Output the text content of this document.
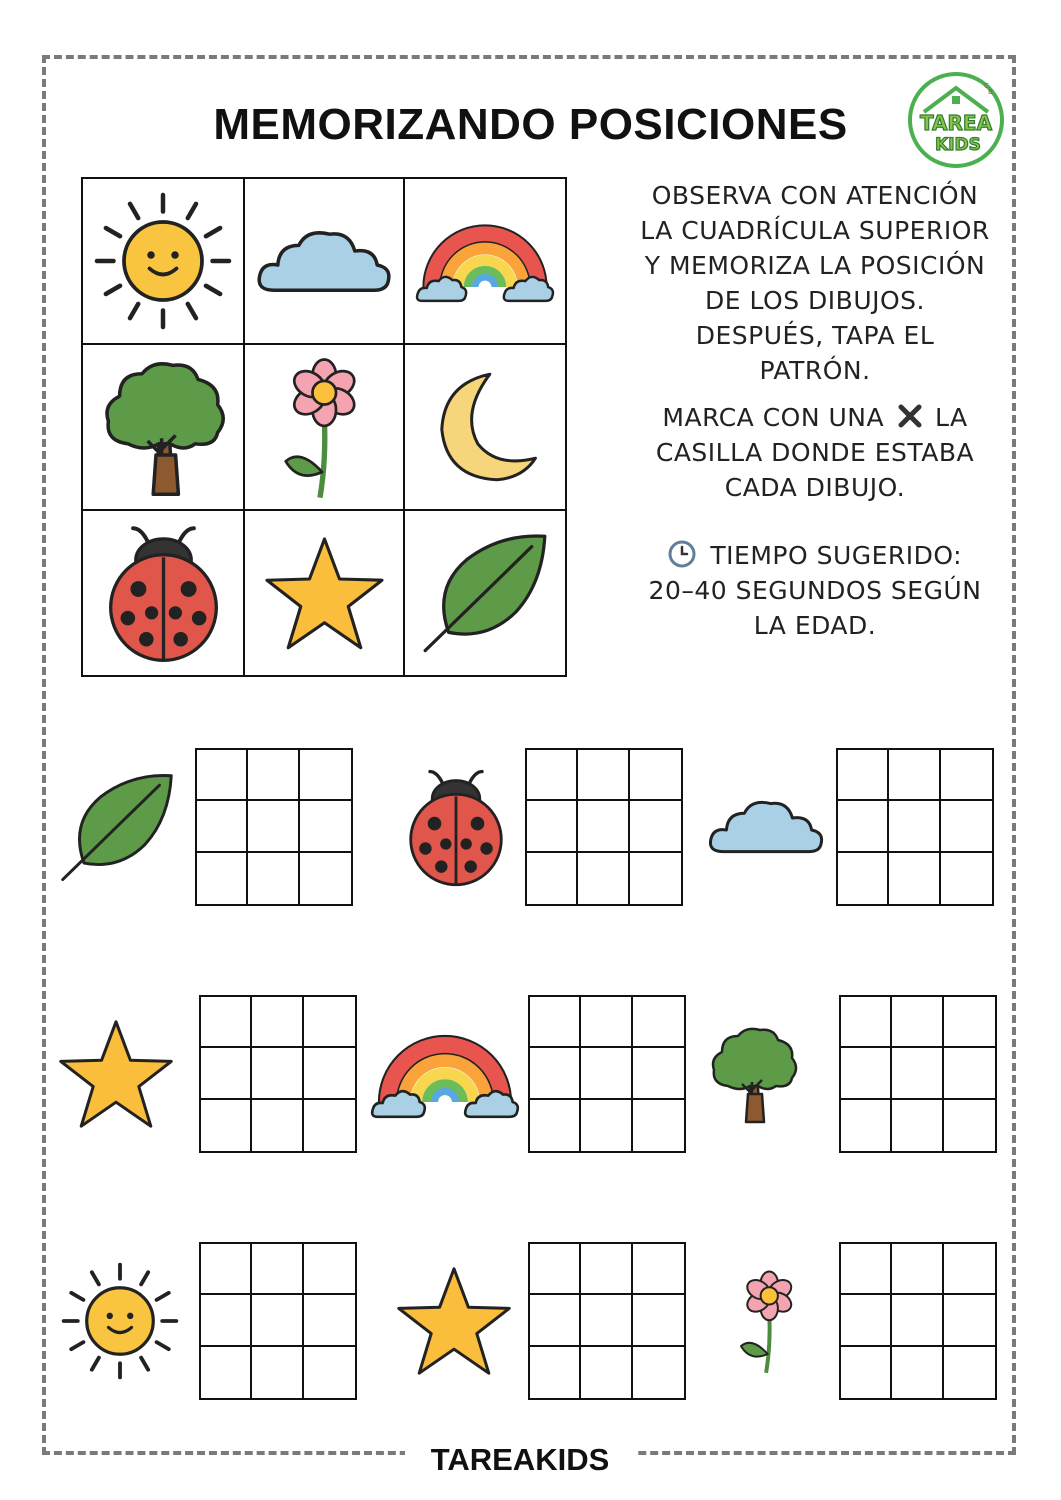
MEMORIZANDO POSICIONES
C
B
TAREA
KIDS

OBSERVA CON ATENCIÓN

LA CUADRÍCULA SUPERIOR

Y MEMORIZA LA POSICIÓN

DE LOS DIBUJOS.

DESPUÉS, TAPA EL

PATRÓN.

MARCA CON UNA LA

CASILLA DONDE ESTABA

CADA DIBUJO.

TIEMPO SUGERIDO:

20–40 SEGUNDOS SEGÚN

LA EDAD.

TAREAKIDS
